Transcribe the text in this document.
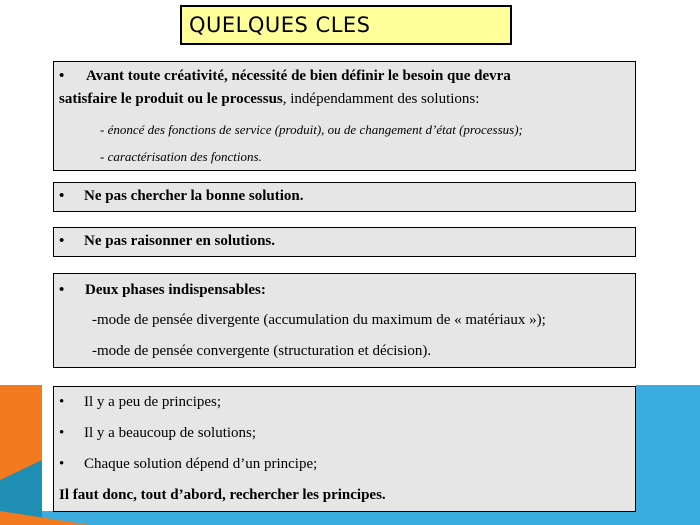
QUELQUES CLES
• Avant toute créativité, nécessité de bien définir le besoin que devra
satisfaire le produit ou le processus, indépendamment des solutions:
- énoncé des fonctions de service (produit), ou de changement d’état (processus);
- caractérisation des fonctions.
• Ne pas chercher la bonne solution.
• Ne pas raisonner en solutions.
• Deux phases indispensables:
-mode de pensée divergente (accumulation du maximum de « matériaux »);
-mode de pensée convergente (structuration et décision).
• Il y a peu de principes;
• Il y a beaucoup de solutions;
• Chaque solution dépend d’un principe;
Il faut donc, tout d’abord, rechercher les principes.
